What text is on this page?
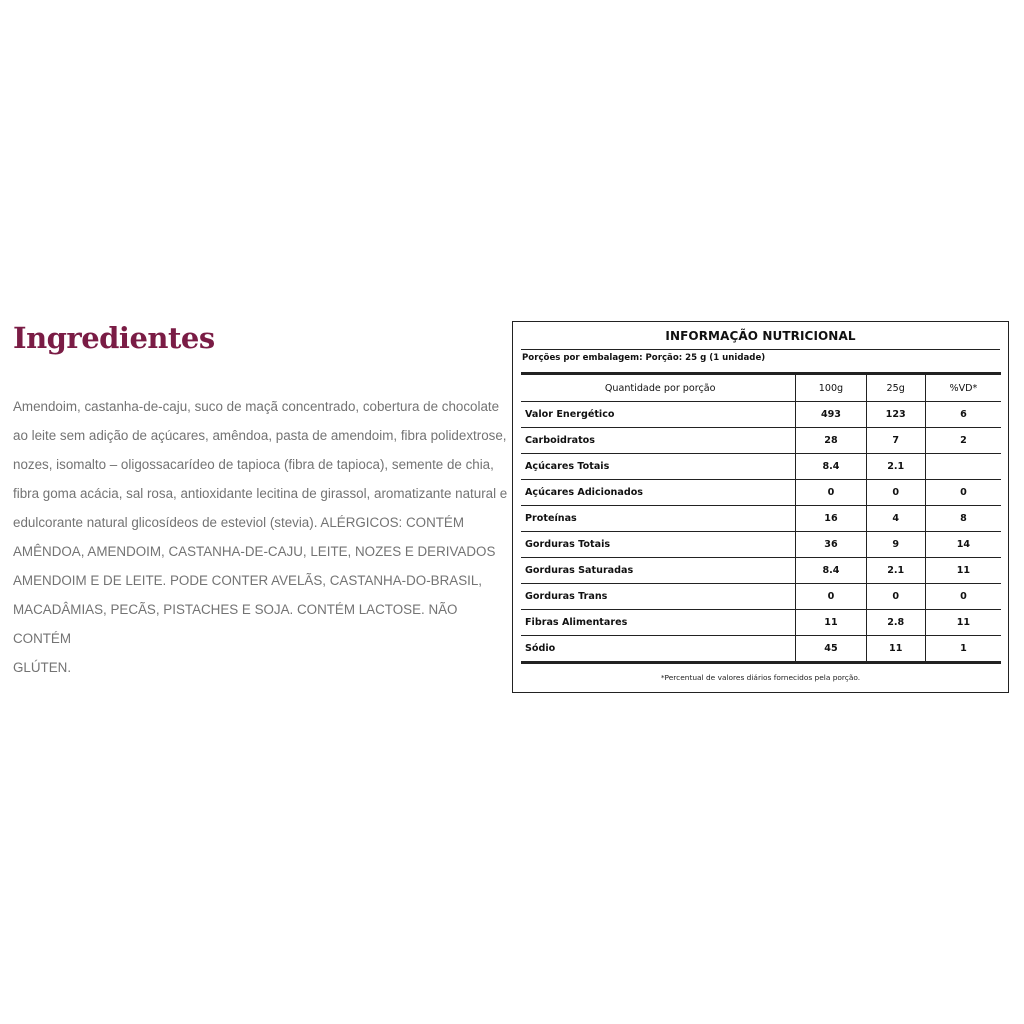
Ingredientes

Amendoim, castanha-de-caju, suco de maçã concentrado, cobertura de chocolate
ao leite sem adição de açúcares, amêndoa, pasta de amendoim, fibra polidextrose,
nozes, isomalto – oligossacarídeo de tapioca (fibra de tapioca), semente de chia,
fibra goma acácia, sal rosa, antioxidante lecitina de girassol, aromatizante natural e
edulcorante natural glicosídeos de esteviol (stevia). ALÉRGICOS: CONTÉM
AMÊNDOA, AMENDOIM, CASTANHA-DE-CAJU, LEITE, NOZES E DERIVADOS
AMENDOIM E DE LEITE. PODE CONTER AVELÃS, CASTANHA-DO-BRASIL,
MACADÂMIAS, PECÃS, PISTACHES E SOJA. CONTÉM LACTOSE. NÃO CONTÉM
GLÚTEN.

INFORMAÇÃO NUTRICIONAL
Porções por embalagem: Porção: 25 g (1 unidade)
Quantidade por porção	100g	25g	%VD*
Valor Energético	493	123	6
Carboidratos	28	7	2
Açúcares Totais	8.4	2.1	
Açúcares Adicionados	0	0	0
Proteínas	16	4	8
Gorduras Totais	36	9	14
Gorduras Saturadas	8.4	2.1	11
Gorduras Trans	0	0	0
Fibras Alimentares	11	2.8	11
Sódio	45	11	1
*Percentual de valores diários fornecidos pela porção.
